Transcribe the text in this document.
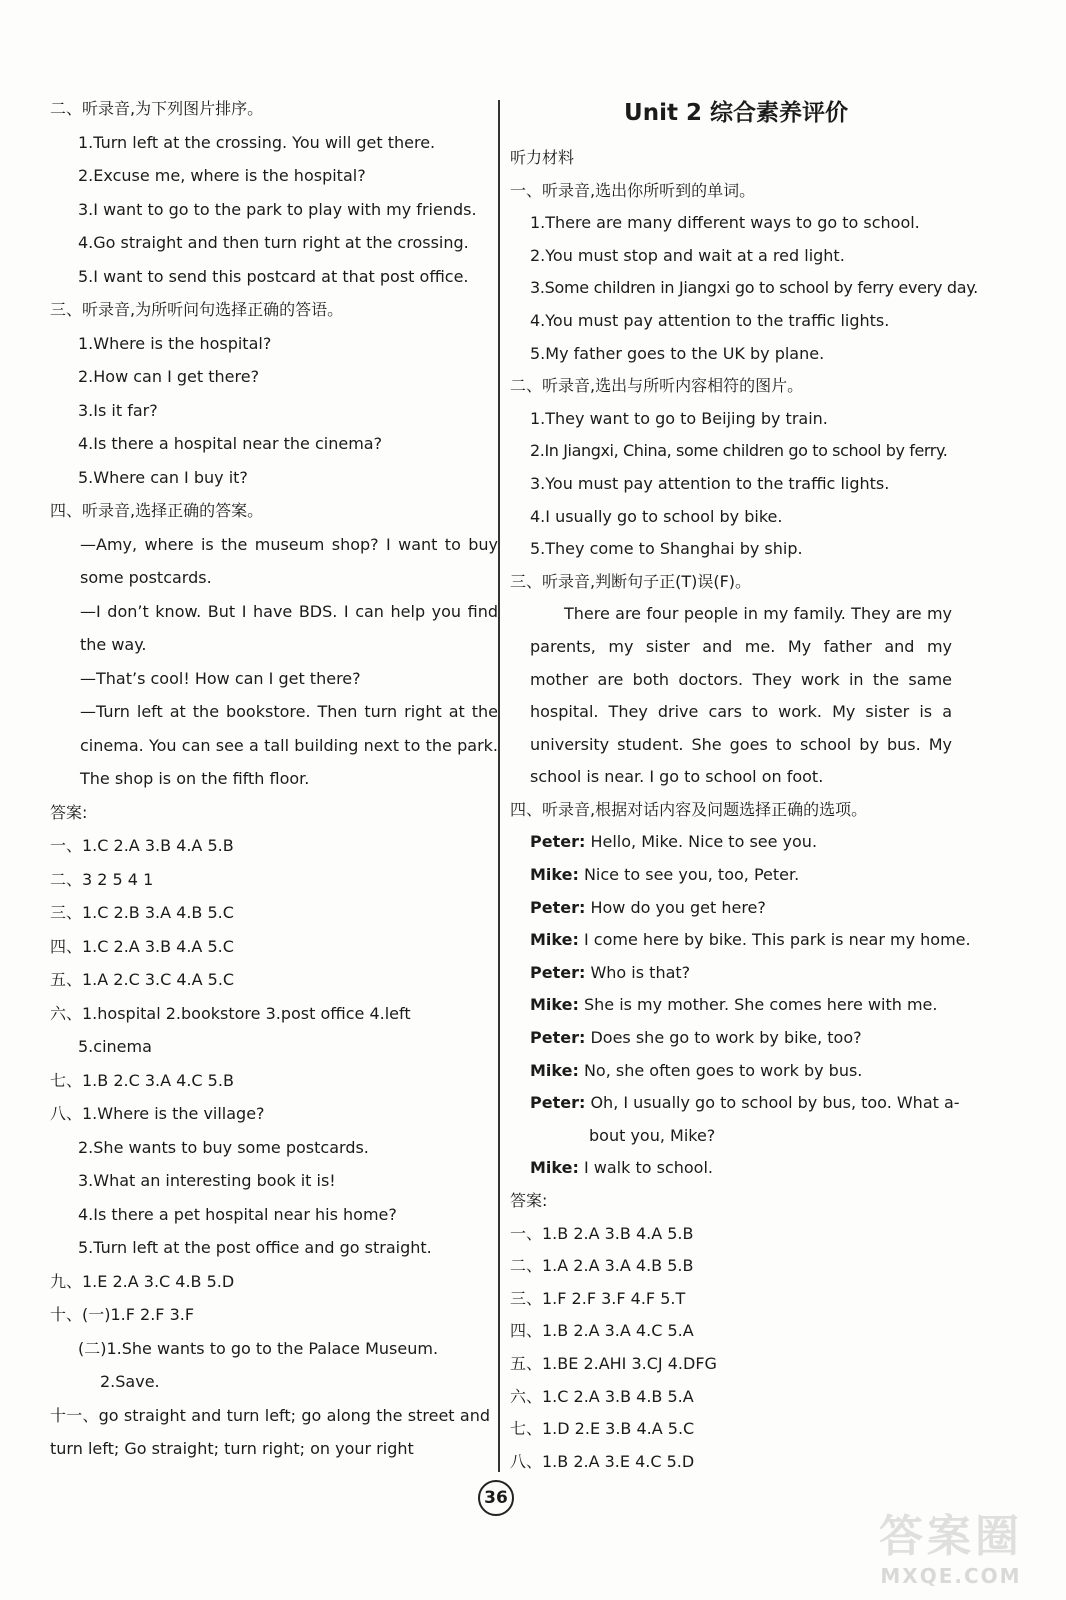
二、听录音,为下列图片排序。
1.Turn left at the crossing. You will get there.
2.Excuse me, where is the hospital?
3.I want to go to the park to play with my friends.
4.Go straight and then turn right at the crossing.
5.I want to send this postcard at that post office.
三、听录音,为所听问句选择正确的答语。
1.Where is the hospital?
2.How can I get there?
3.Is it far?
4.Is there a hospital near the cinema?
5.Where can I buy it?
四、听录音,选择正确的答案。
—Amy, where is the museum shop? I want to buy some postcards.
—I don’t know. But I have BDS. I can help you find the way.
—That’s cool! How can I get there?
—Turn left at the bookstore. Then turn right at the cinema. You can see a tall building next to the park. The shop is on the fifth floor.
答案:
一、1.C 2.A 3.B 4.A 5.B
二、3 2 5 4 1
三、1.C 2.B 3.A 4.B 5.C
四、1.C 2.A 3.B 4.A 5.C
五、1.A 2.C 3.C 4.A 5.C
六、1.hospital 2.bookstore 3.post office 4.left
5.cinema
七、1.B 2.C 3.A 4.C 5.B
八、1.Where is the village?
2.She wants to buy some postcards.
3.What an interesting book it is!
4.Is there a pet hospital near his home?
5.Turn left at the post office and go straight.
九、1.E 2.A 3.C 4.B 5.D
十、(一)1.F 2.F 3.F
(二)1.She wants to go to the Palace Museum.
2.Save.
十一、go straight and turn left; go along the street and turn left; Go straight; turn right; on your right
Unit 2 综合素养评价
听力材料
一、听录音,选出你所听到的单词。
1.There are many different ways to go to school.
2.You must stop and wait at a red light.
3.Some children in Jiangxi go to school by ferry every day.
4.You must pay attention to the traffic lights.
5.My father goes to the UK by plane.
二、听录音,选出与所听内容相符的图片。
1.They want to go to Beijing by train.
2.In Jiangxi, China, some children go to school by ferry.
3.You must pay attention to the traffic lights.
4.I usually go to school by bike.
5.They come to Shanghai by ship.
三、听录音,判断句子正(T)误(F)。
There are four people in my family. They are my parents, my sister and me. My father and my mother are both doctors. They work in the same hospital. They drive cars to work. My sister is a university student. She goes to school by bus. My school is near. I go to school on foot.
四、听录音,根据对话内容及问题选择正确的选项。
Peter: Hello, Mike. Nice to see you.
Mike: Nice to see you, too, Peter.
Peter: How do you get here?
Mike: I come here by bike. This park is near my home.
Peter: Who is that?
Mike: She is my mother. She comes here with me.
Peter: Does she go to work by bike, too?
Mike: No, she often goes to work by bus.
Peter: Oh, I usually go to school by bus, too. What a-
bout you, Mike?
Mike: I walk to school.
答案:
一、1.B 2.A 3.B 4.A 5.B
二、1.A 2.A 3.A 4.B 5.B
三、1.F 2.F 3.F 4.F 5.T
四、1.B 2.A 3.A 4.C 5.A
五、1.BE 2.AHI 3.CJ 4.DFG
六、1.C 2.A 3.B 4.B 5.A
七、1.D 2.E 3.B 4.A 5.C
八、1.B 2.A 3.E 4.C 5.D
36
答案圈
MXQE.COM
